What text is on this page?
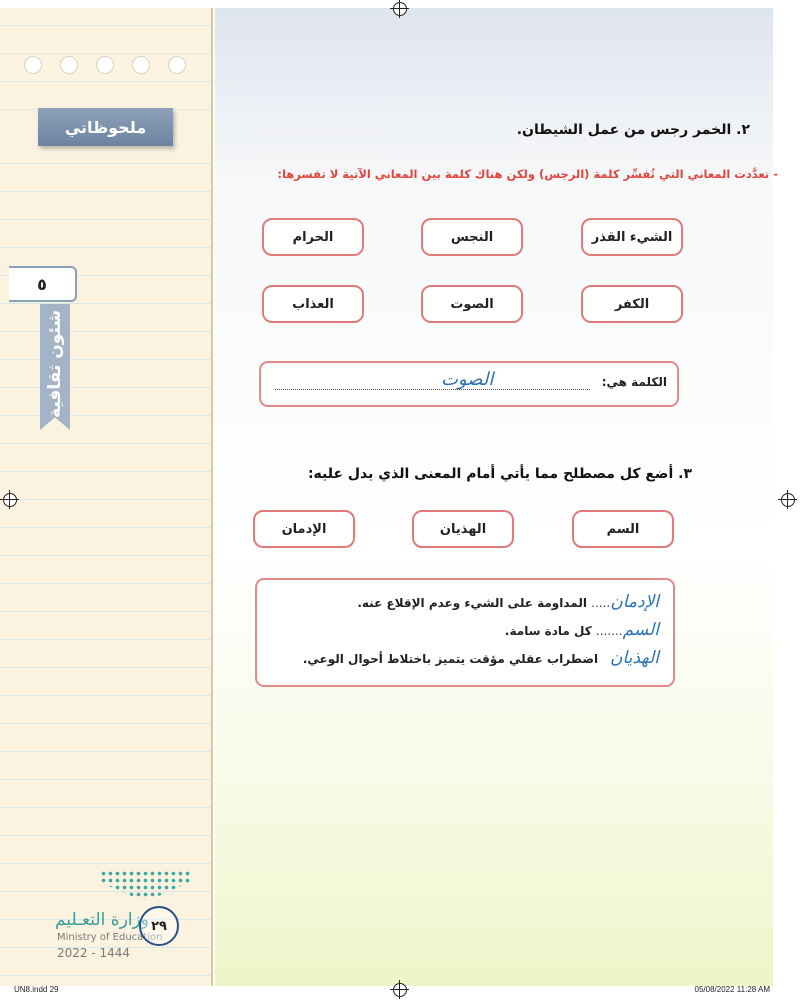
ملحوظاتي
٥
شئون ثقافية
وزارة التعـليم
Ministry of Education
2022 - 1444
٢٩
٢. الخمر رجس من عمل الشيطان.
- تعدَّدت المعاني التي تُفسِّر كلمة (الرجس) ولكن هناك كلمة بين المعاني الآتية لا تفسرها:
الشيء القذر
النجس
الحرام
الكفر
الصوت
العذاب
الكلمة هي:
الصوت
٣. أضع كل مصطلح مما يأتي أمام المعنى الذي يدل عليه:
السم
الهذيان
الإدمان
الإدمان..... المداومة على الشيء وعدم الإقلاع عنه.
السم....... كل مادة سامة.
الهذيان   اضطراب عقلي مؤقت يتميز باختلاط أحوال الوعي.
UN8.indd 29	05/08/2022 11:28 AM
